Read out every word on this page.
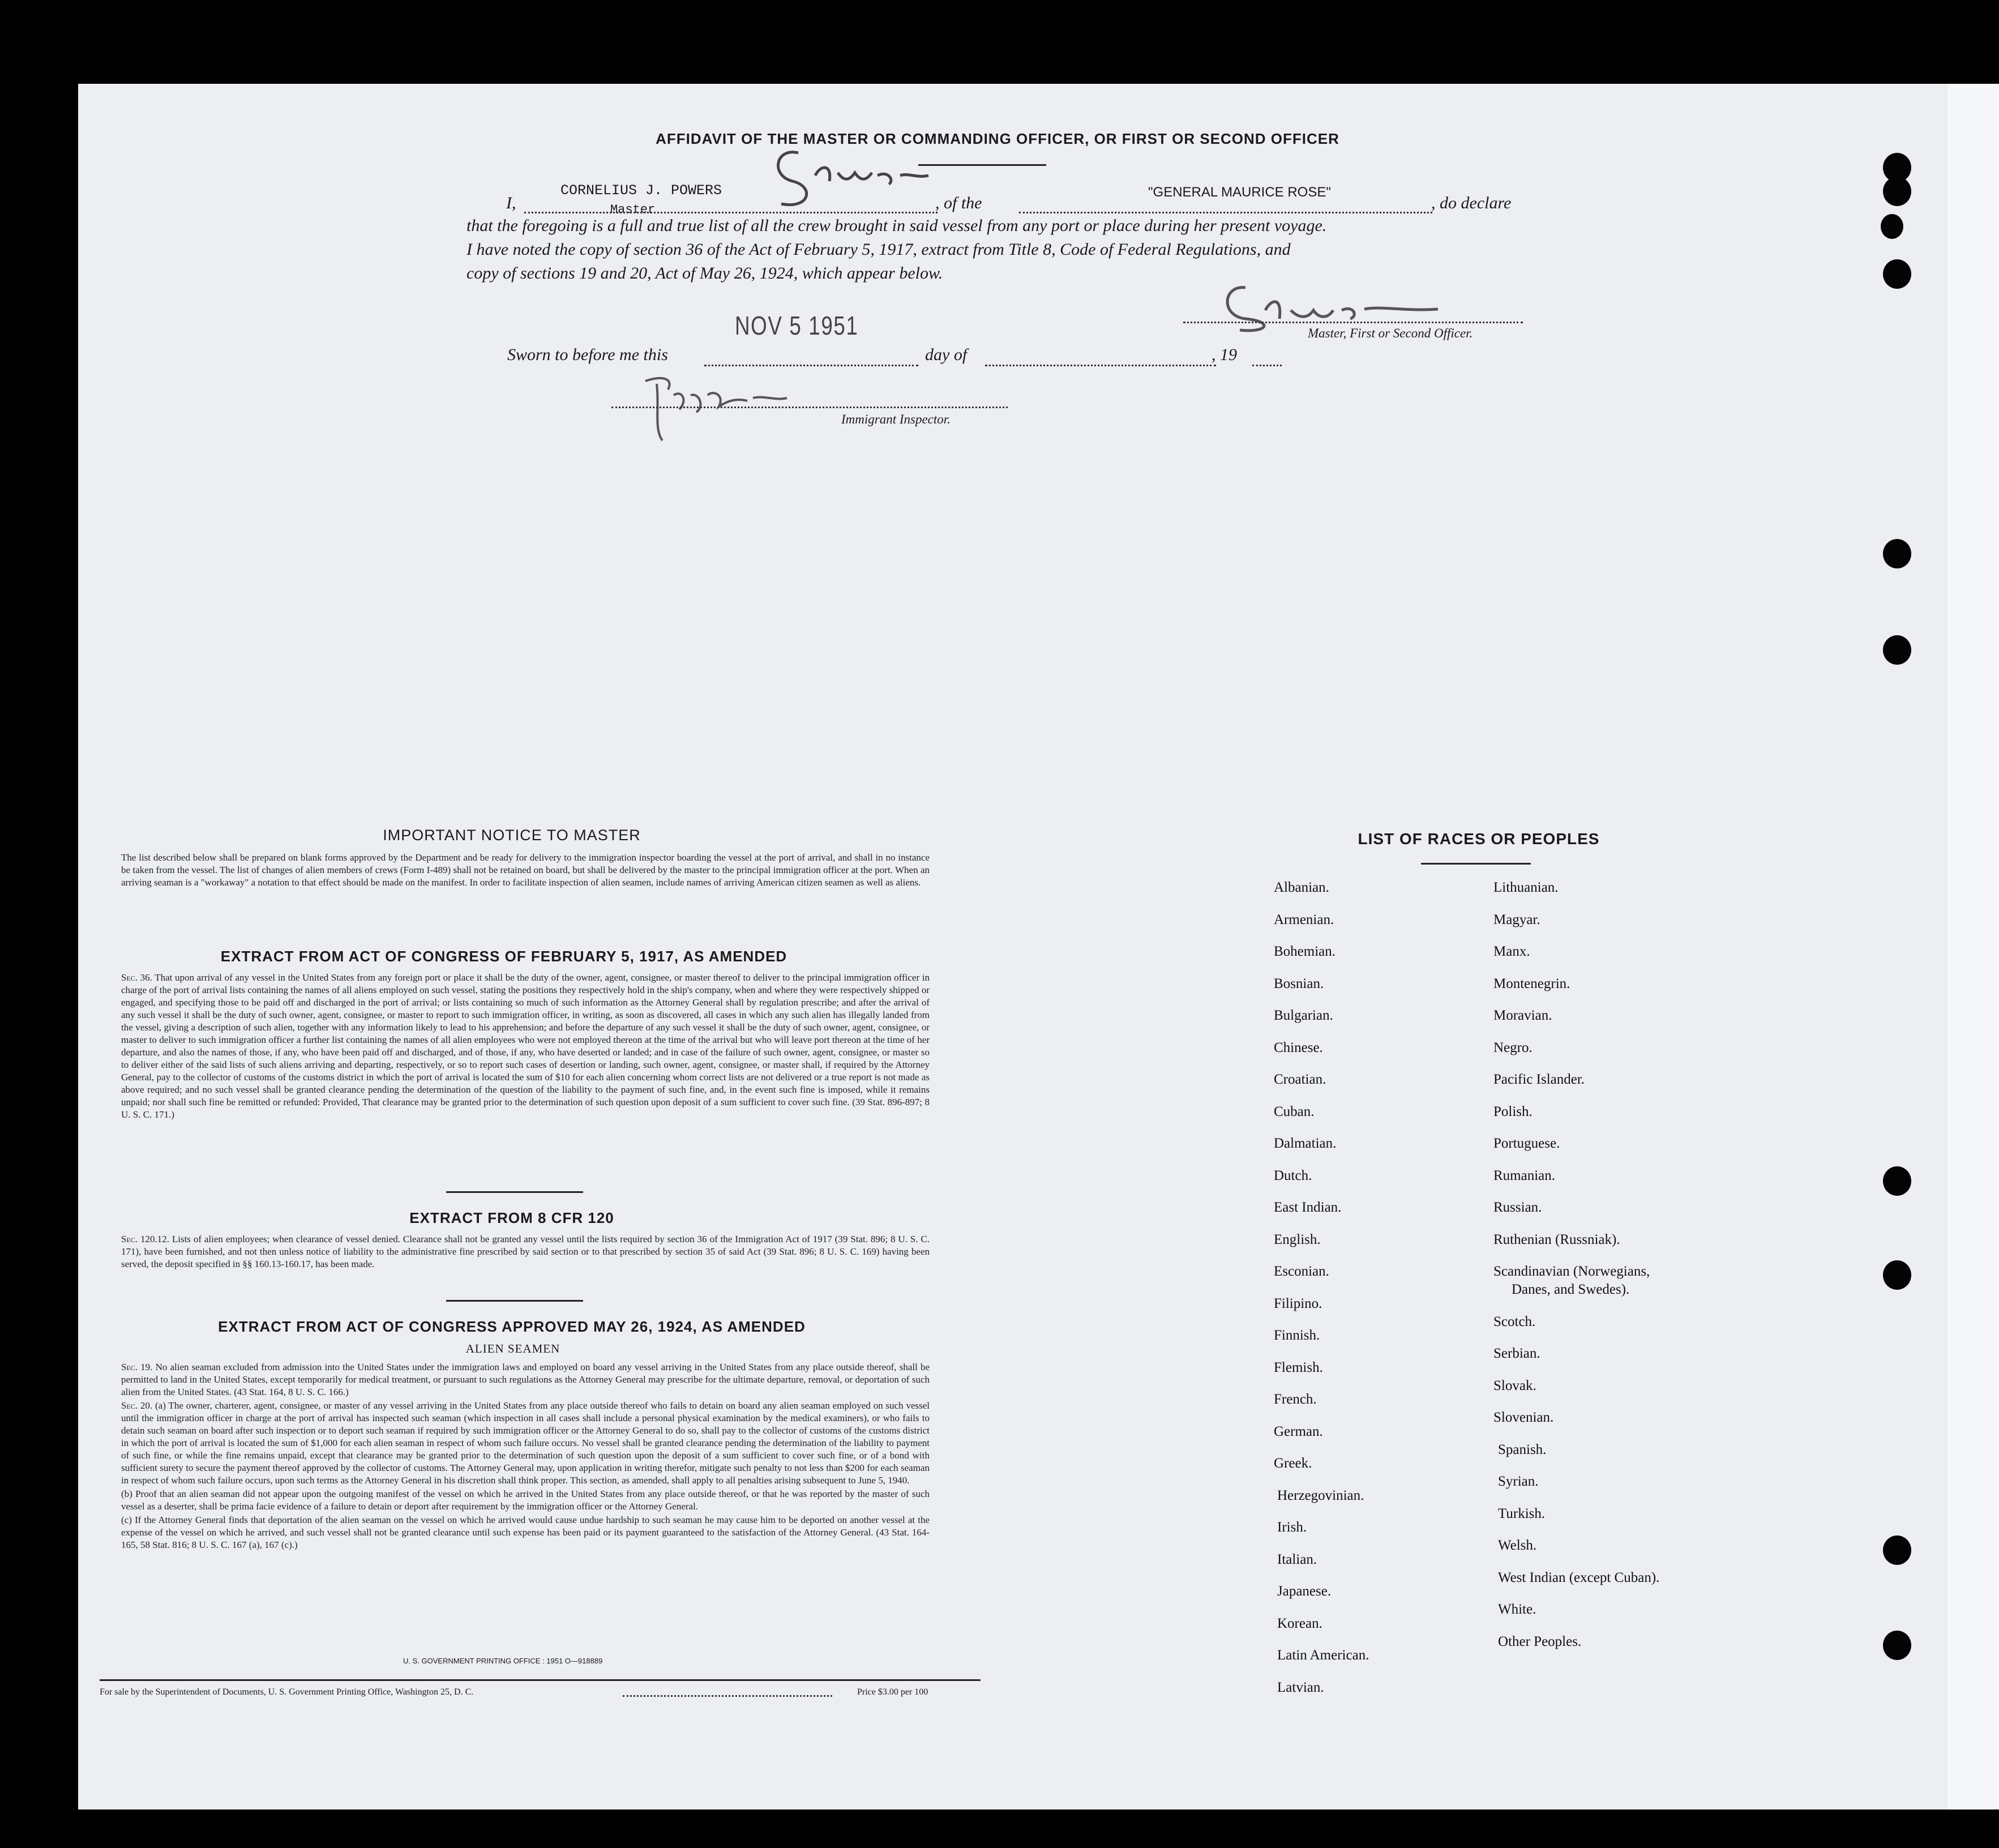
AFFIDAVIT OF THE MASTER OR COMMANDING OFFICER, OR FIRST OR SECOND OFFICER
I,
CORNELIUS J. POWERS
Master	, of the
"GENERAL MAURICE ROSE"
, do declare
that the foregoing is a full and true list of all the crew brought in said vessel from any port or place during her present voyage.
I have noted the copy of section 36 of the Act of February 5, 1917, extract from Title 8, Code of Federal Regulations, and
copy of sections 19 and 20, Act of May 26, 1924, which appear below.
Master, First or Second Officer.
NOV 5 1951
Sworn to before me this	day of	, 19
Immigrant Inspector.
IMPORTANT NOTICE TO MASTER
The list described below shall be prepared on blank forms approved by the Department and be ready for delivery to the immigration inspector boarding the vessel at the port of arrival, and shall in no instance be taken from the vessel. The list of changes of alien members of crews (Form I-489) shall not be retained on board, but shall be delivered by the master to the principal immigration officer at the port. When an arriving seaman is a "workaway" a notation to that effect should be made on the manifest. In order to facilitate inspection of alien seamen, include names of arriving American citizen seamen as well as aliens.
EXTRACT FROM ACT OF CONGRESS OF FEBRUARY 5, 1917, AS AMENDED

Sec. 36. That upon arrival of any vessel in the United States from any foreign port or place it shall be the duty of the owner, agent, consignee, or master thereof to deliver to the principal immigration officer in charge of the port of arrival lists containing the names of all aliens employed on such vessel, stating the positions they respectively hold in the ship's company, when and where they were respectively shipped or engaged, and specifying those to be paid off and discharged in the port of arrival; or lists containing so much of such information as the Attorney General shall by regulation prescribe; and after the arrival of any such vessel it shall be the duty of such owner, agent, consignee, or master to report to such immigration officer, in writing, as soon as discovered, all cases in which any such alien has illegally landed from the vessel, giving a description of such alien, together with any information likely to lead to his apprehension; and before the departure of any such vessel it shall be the duty of such owner, agent, consignee, or master to deliver to such immigration officer a further list containing the names of all alien employees who were not employed thereon at the time of the arrival but who will leave port thereon at the time of her departure, and also the names of those, if any, who have been paid off and discharged, and of those, if any, who have deserted or landed; and in case of the failure of such owner, agent, consignee, or master so to deliver either of the said lists of such aliens arriving and departing, respectively, or so to report such cases of desertion or landing, such owner, agent, consignee, or master shall, if required by the Attorney General, pay to the collector of customs of the customs district in which the port of arrival is located the sum of $10 for each alien concerning whom correct lists are not delivered or a true report is not made as above required; and no such vessel shall be granted clearance pending the determination of the question of the liability to the payment of such fine, and, in the event such fine is imposed, while it remains unpaid; nor shall such fine be remitted or refunded: Provided, That clearance may be granted prior to the determination of such question upon deposit of a sum sufficient to cover such fine. (39 Stat. 896-897; 8 U. S. C. 171.)

EXTRACT FROM 8 CFR 120

Sec. 120.12. Lists of alien employees; when clearance of vessel denied. Clearance shall not be granted any vessel until the lists required by section 36 of the Immigration Act of 1917 (39 Stat. 896; 8 U. S. C. 171), have been furnished, and not then unless notice of liability to the administrative fine prescribed by said section or to that prescribed by section 35 of said Act (39 Stat. 896; 8 U. S. C. 169) having been served, the deposit specified in §§ 160.13-160.17, has been made.

EXTRACT FROM ACT OF CONGRESS APPROVED MAY 26, 1924, AS AMENDED
ALIEN SEAMEN

Sec. 19. No alien seaman excluded from admission into the United States under the immigration laws and employed on board any vessel arriving in the United States from any place outside thereof, shall be permitted to land in the United States, except temporarily for medical treatment, or pursuant to such regulations as the Attorney General may prescribe for the ultimate departure, removal, or deportation of such alien from the United States. (43 Stat. 164, 8 U. S. C. 166.)

Sec. 20. (a) The owner, charterer, agent, consignee, or master of any vessel arriving in the United States from any place outside thereof who fails to detain on board any alien seaman employed on such vessel until the immigration officer in charge at the port of arrival has inspected such seaman (which inspection in all cases shall include a personal physical examination by the medical examiners), or who fails to detain such seaman on board after such inspection or to deport such seaman if required by such immigration officer or the Attorney General to do so, shall pay to the collector of customs of the customs district in which the port of arrival is located the sum of $1,000 for each alien seaman in respect of whom such failure occurs. No vessel shall be granted clearance pending the determination of the liability to payment of such fine, or while the fine remains unpaid, except that clearance may be granted prior to the determination of such question upon the deposit of a sum sufficient to cover such fine, or of a bond with sufficient surety to secure the payment thereof approved by the collector of customs. The Attorney General may, upon application in writing therefor, mitigate such penalty to not less than $200 for each seaman in respect of whom such failure occurs, upon such terms as the Attorney General in his discretion shall think proper. This section, as amended, shall apply to all penalties arising subsequent to June 5, 1940.

(b) Proof that an alien seaman did not appear upon the outgoing manifest of the vessel on which he arrived in the United States from any place outside thereof, or that he was reported by the master of such vessel as a deserter, shall be prima facie evidence of a failure to detain or deport after requirement by the immigration officer or the Attorney General.

(c) If the Attorney General finds that deportation of the alien seaman on the vessel on which he arrived would cause undue hardship to such seaman he may cause him to be deported on another vessel at the expense of the vessel on which he arrived, and such vessel shall not be granted clearance until such expense has been paid or its payment guaranteed to the satisfaction of the Attorney General. (43 Stat. 164-165, 58 Stat. 816; 8 U. S. C. 167 (a), 167 (c).)

U. S. GOVERNMENT PRINTING OFFICE : 1951 O—918889
For sale by the Superintendent of Documents, U. S. Government Printing Office, Washington 25, D. C.	Price $3.00 per 100
LIST OF RACES OR PEOPLES
Albanian.
Armenian.
Bohemian.
Bosnian.
Bulgarian.
Chinese.
Croatian.
Cuban.
Dalmatian.
Dutch.
East Indian.
English.
Esconian.
Filipino.
Finnish.
Flemish.
French.
German.
Greek.
Herzegovinian.
Irish.
Italian.
Japanese.
Korean.
Latin American.
Latvian.
Lithuanian.
Magyar.
Manx.
Montenegrin.
Moravian.
Negro.
Pacific Islander.
Polish.
Portuguese.
Rumanian.
Russian.
Ruthenian (Russniak).
Scandinavian (Norwegians,
Danes, and Swedes).
Scotch.
Serbian.
Slovak.
Slovenian.
Spanish.
Syrian.
Turkish.
Welsh.
West Indian (except Cuban).
White.
Other Peoples.
